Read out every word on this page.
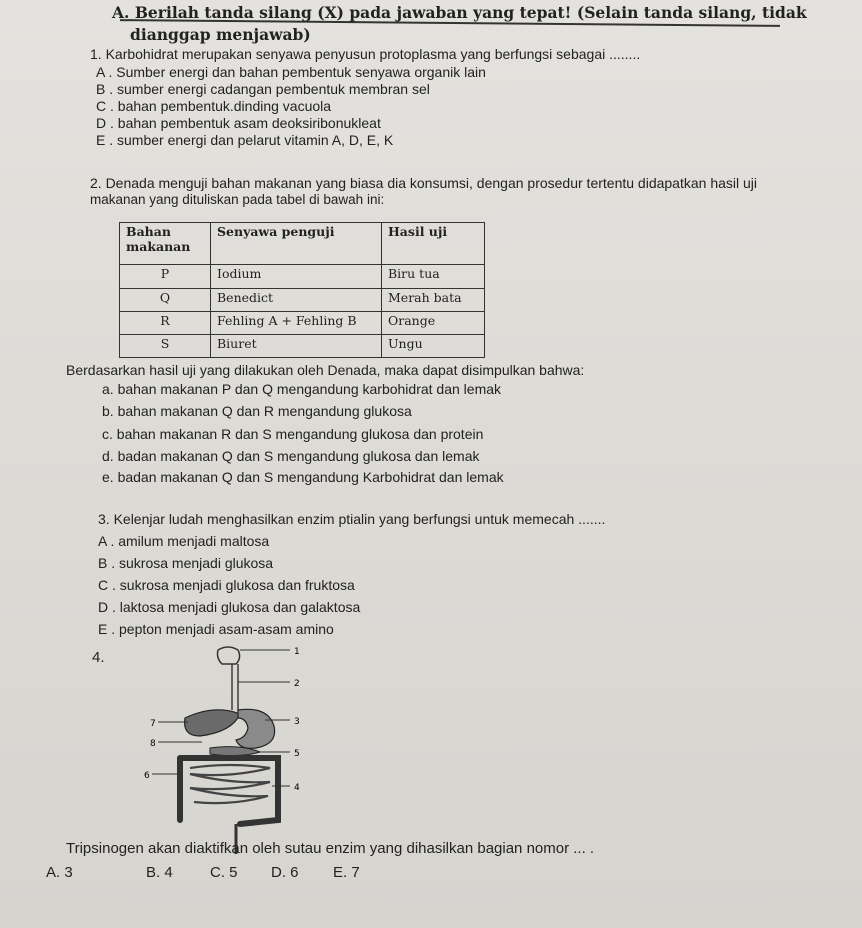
A. Berilah tanda silang (X) pada jawaban yang tepat! (Selain tanda silang, tidak
dianggap menjawab)
1. Karbohidrat merupakan senyawa penyusun protoplasma yang berfungsi sebagai ........
A . Sumber energi dan bahan pembentuk senyawa organik lain
B . sumber energi cadangan pembentuk membran sel
C . bahan pembentuk.dinding vacuola
D . bahan pembentuk asam deoksiribonukleat
E . sumber energi dan pelarut vitamin A, D, E, K
2. Denada menguji bahan makanan yang biasa dia konsumsi, dengan prosedur tertentu didapatkan hasil uji
makanan yang dituliskan pada tabel di bawah ini:
Bahan makanan	Senyawa penguji	Hasil uji
P	Iodium	Biru tua
Q	Benedict	Merah bata
R	Fehling A + Fehling B	Orange
S	Biuret	Ungu
Berdasarkan hasil uji yang dilakukan oleh Denada, maka dapat disimpulkan bahwa:
a. bahan makanan P dan Q mengandung karbohidrat dan lemak
b. bahan makanan Q dan R mengandung glukosa
c. bahan makanan R dan S mengandung glukosa dan protein
d. badan makanan Q dan S mengandung glukosa dan lemak
e. badan makanan Q dan S mengandung Karbohidrat dan lemak
3. Kelenjar ludah menghasilkan enzim ptialin yang berfungsi untuk memecah .......
A . amilum menjadi maltosa
B . sukrosa menjadi glukosa
C . sukrosa menjadi glukosa dan fruktosa
D . laktosa menjadi glukosa dan galaktosa
E . pepton menjadi asam-asam amino
4.	1
2
3
4
5
6
7
8
Tripsinogen akan diaktifkan oleh sutau enzim yang dihasilkan bagian nomor ... .
A. 3	B. 4 C. 5 D. 6 E. 7
